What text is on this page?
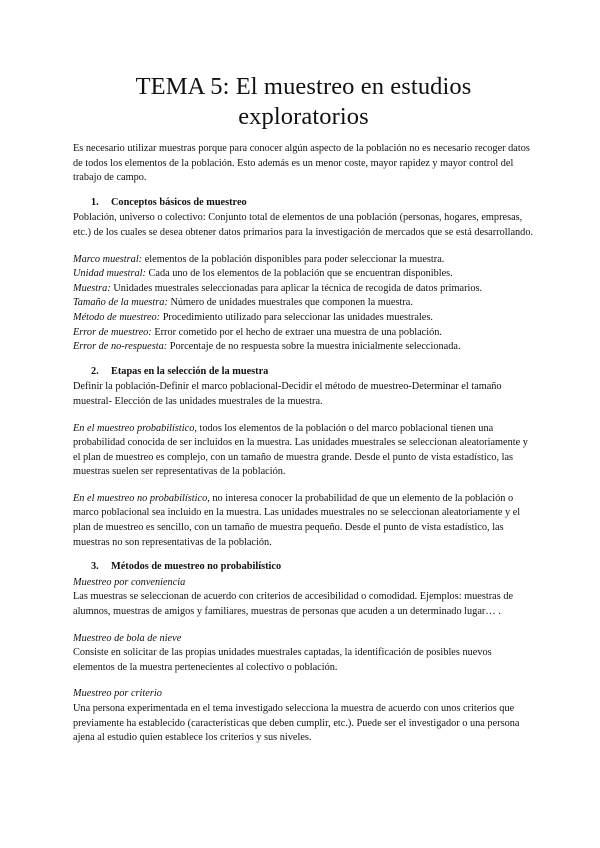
TEMA 5: El muestreo en estudios exploratorios

Es necesario utilizar muestras porque para conocer algún aspecto de la población no es necesario recoger datos de todos los elementos de la población. Esto además es un menor coste, mayor rapidez y mayor control del trabajo de campo.

1. Conceptos básicos de muestreo

Población, universo o colectivo: Conjunto total de elementos de una población (personas, hogares, empresas, etc.) de los cuales se desea obtener datos primarios para la investigación de mercados que se está desarrollando.

Marco muestral: elementos de la población disponibles para poder seleccionar la muestra.

Unidad muestral: Cada uno de los elementos de la población que se encuentran disponibles.

Muestra: Unidades muestrales seleccionadas para aplicar la técnica de recogida de datos primarios.

Tamaño de la muestra: Número de unidades muestrales que componen la muestra.

Método de muestreo: Procedimiento utilizado para seleccionar las unidades muestrales.

Error de muestreo: Error cometido por el hecho de extraer una muestra de una población.

Error de no-respuesta: Porcentaje de no respuesta sobre la muestra inicialmente seleccionada.

2. Etapas en la selección de la muestra

Definir la población-Definir el marco poblacional-Decidir el método de muestreo-Determinar el tamaño muestral- Elección de las unidades muestrales de la muestra.

En el muestreo probabilístico, todos los elementos de la población o del marco poblacional tienen una probabilidad conocida de ser incluidos en la muestra. Las unidades muestrales se seleccionan aleatoriamente y el plan de muestreo es complejo, con un tamaño de muestra grande. Desde el punto de vista estadístico, las muestras suelen ser representativas de la población.

En el muestreo no probabilístico, no interesa conocer la probabilidad de que un elemento de la población o marco poblacional sea incluido en la muestra. Las unidades muestrales no se seleccionan aleatoriamente y el plan de muestreo es sencillo, con un tamaño de muestra pequeño. Desde el punto de vista estadístico, las muestras no son representativas de la población.

3. Métodos de muestreo no probabilístico

Muestreo por conveniencia

Las muestras se seleccionan de acuerdo con criterios de accesibilidad o comodidad. Ejemplos: muestras de alumnos, muestras de amigos y familiares, muestras de personas que acuden a un determinado lugar… .

Muestreo de bola de nieve

Consiste en solicitar de las propias unidades muestrales captadas, la identificación de posibles nuevos elementos de la muestra pertenecientes al colectivo o población.

Muestreo por criterio

Una persona experimentada en el tema investigado selecciona la muestra de acuerdo con unos criterios que previamente ha establecido (características que deben cumplir, etc.). Puede ser el investigador o una persona ajena al estudio quien establece los criterios y sus niveles.
